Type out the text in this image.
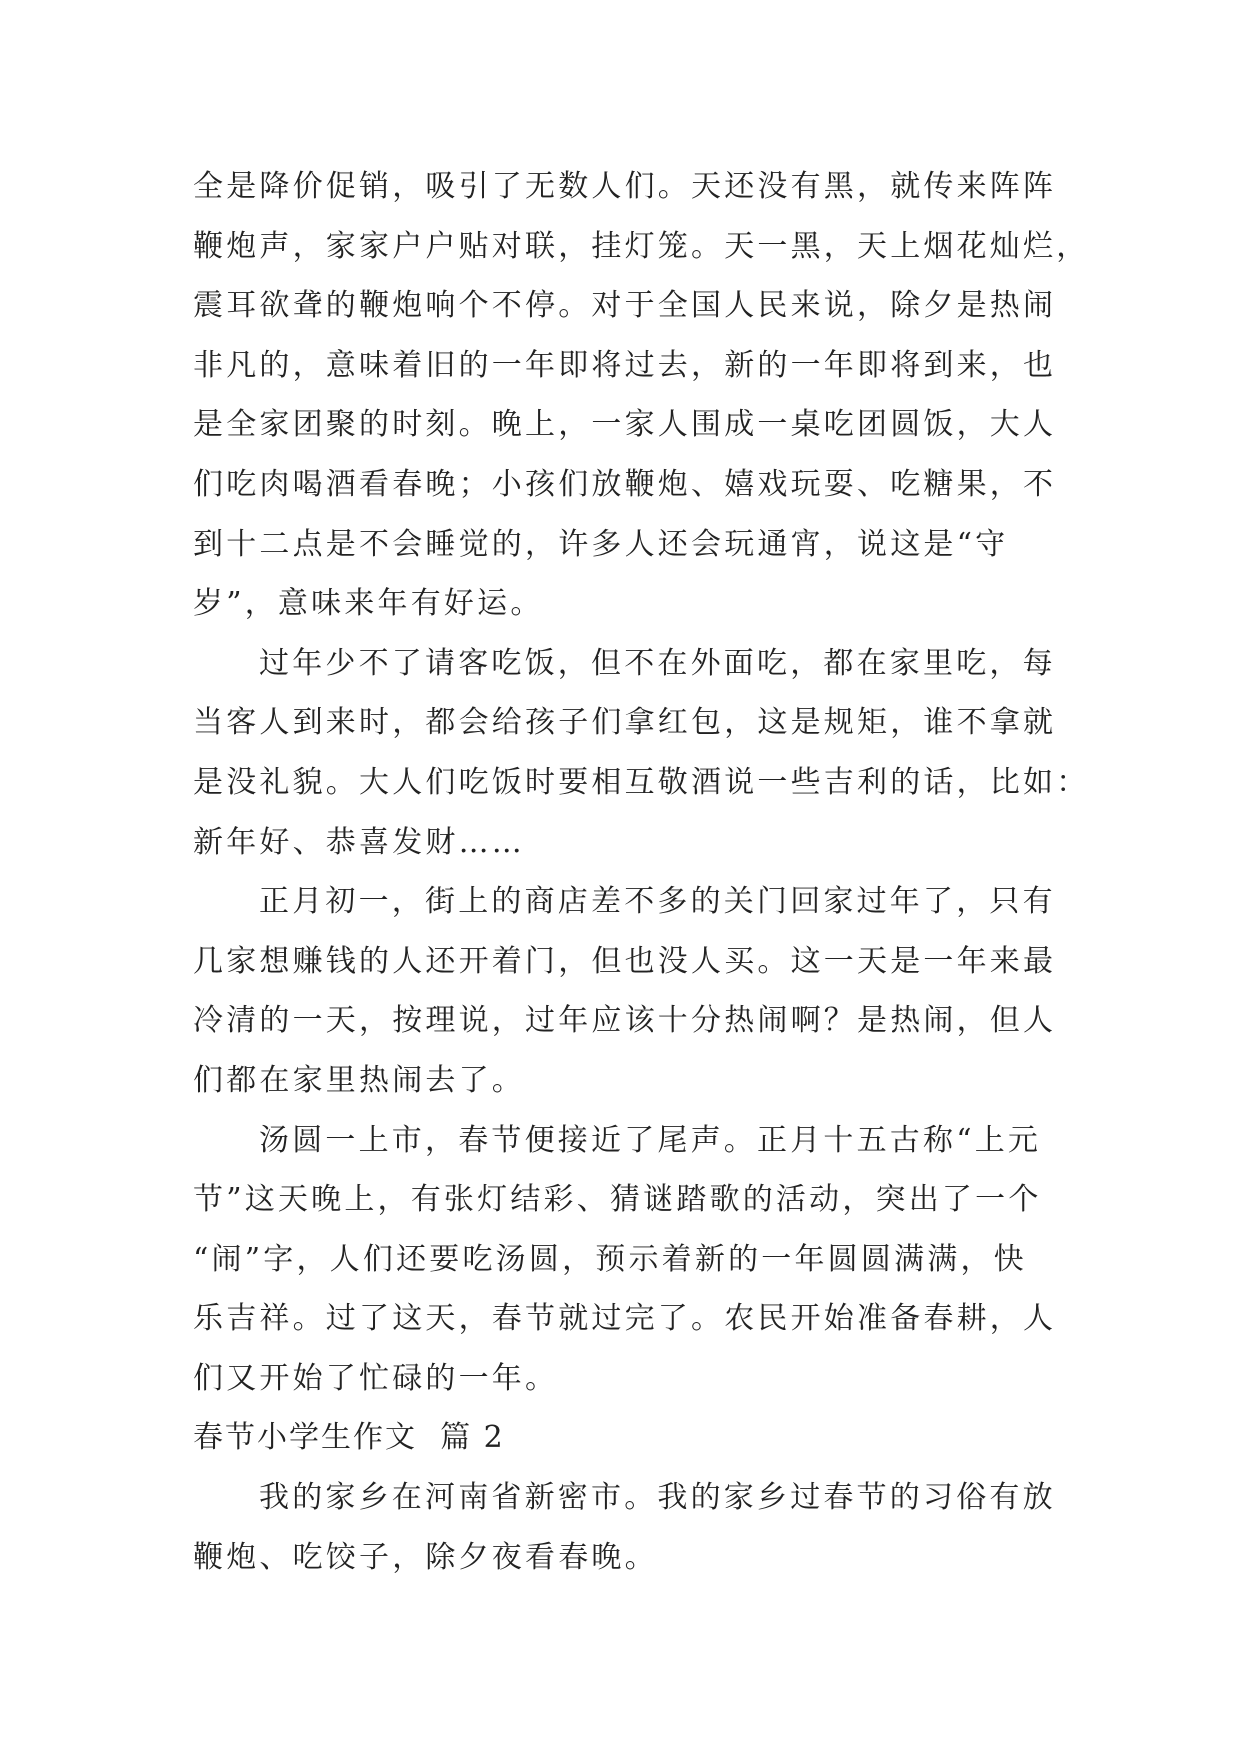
全是降价促销，吸引了无数人们。天还没有黑，就传来阵阵
鞭炮声，家家户户贴对联，挂灯笼。天一黑，天上烟花灿烂，
震耳欲聋的鞭炮响个不停。对于全国人民来说，除夕是热闹
非凡的，意味着旧的一年即将过去，新的一年即将到来，也
是全家团聚的时刻。晚上，一家人围成一桌吃团圆饭，大人
们吃肉喝酒看春晚；小孩们放鞭炮、嬉戏玩耍、吃糖果，不
到十二点是不会睡觉的，许多人还会玩通宵，说这是“守
岁”，意味来年有好运。
过年少不了请客吃饭，但不在外面吃，都在家里吃，每
当客人到来时，都会给孩子们拿红包，这是规矩，谁不拿就
是没礼貌。大人们吃饭时要相互敬酒说一些吉利的话，比如：
新年好、恭喜发财……
正月初一，街上的商店差不多的关门回家过年了，只有
几家想赚钱的人还开着门，但也没人买。这一天是一年来最
冷清的一天，按理说，过年应该十分热闹啊？是热闹，但人
们都在家里热闹去了。
汤圆一上市，春节便接近了尾声。正月十五古称“上元
节”这天晚上，有张灯结彩、猜谜踏歌的活动，突出了一个
“闹”字，人们还要吃汤圆，预示着新的一年圆圆满满，快
乐吉祥。过了这天，春节就过完了。农民开始准备春耕，人
们又开始了忙碌的一年。
春节小学生作文  篇 2
我的家乡在河南省新密市。我的家乡过春节的习俗有放
鞭炮、吃饺子，除夕夜看春晚。
